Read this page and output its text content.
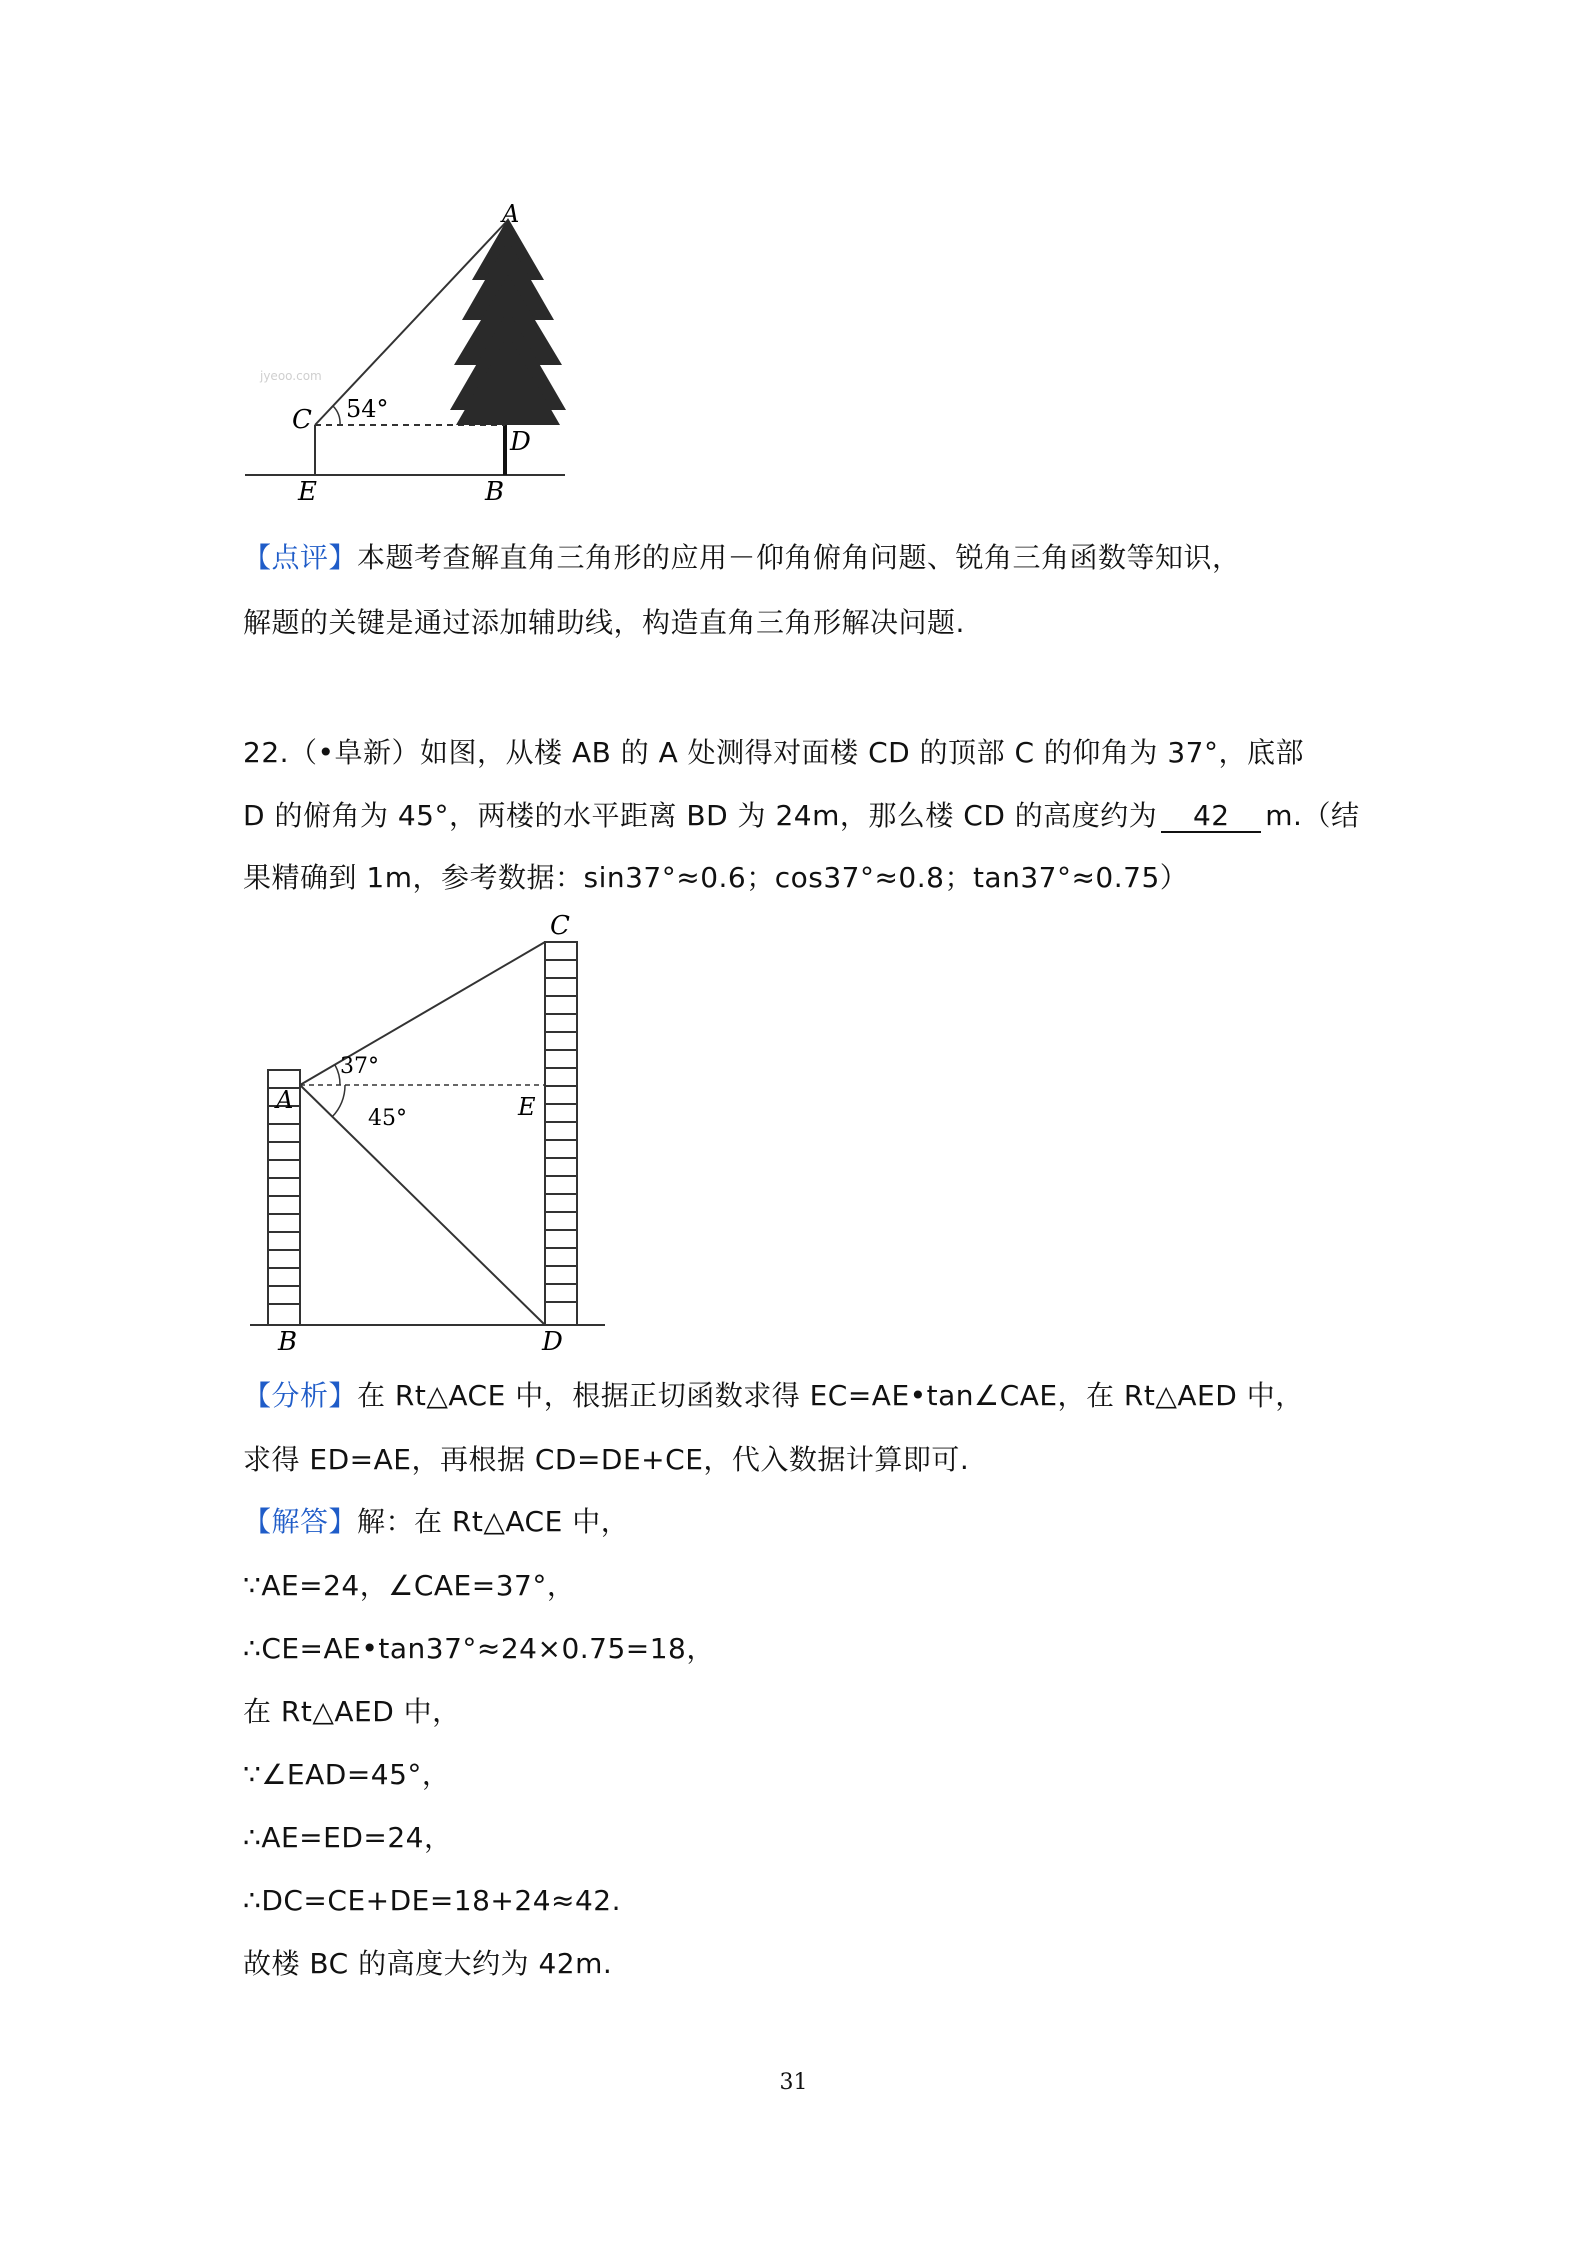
A
C
D
E	B
54°
jyeoo.com
【点评】本题考查解直角三角形的应用－仰角俯角问题、锐角三角函数等知识，
解题的关键是通过添加辅助线，构造直角三角形解决问题.
22.（•阜新）如图，从楼 AB 的 A 处测得对面楼 CD 的顶部 C 的仰角为 37°，底部
D 的俯角为 45°，两楼的水平距离 BD 为 24m，那么楼 CD 的高度约为 42 m.（结
果精确到 1m，参考数据：sin37°≈0.6；cos37°≈0.8；tan37°≈0.75）
C
A	E
B	D
37°
45°
【分析】在 Rt△ACE 中，根据正切函数求得 EC=AE•tan∠CAE，在 Rt△AED 中，
求得 ED=AE，再根据 CD=DE+CE，代入数据计算即可.
【解答】解：在 Rt△ACE 中，
∵AE=24，∠CAE=37°，
∴CE=AE•tan37°≈24×0.75=18，
在 Rt△AED 中，
∵∠EAD=45°，
∴AE=ED=24，
∴DC=CE+DE=18+24≈42.
故楼 BC 的高度大约为 42m.
31
